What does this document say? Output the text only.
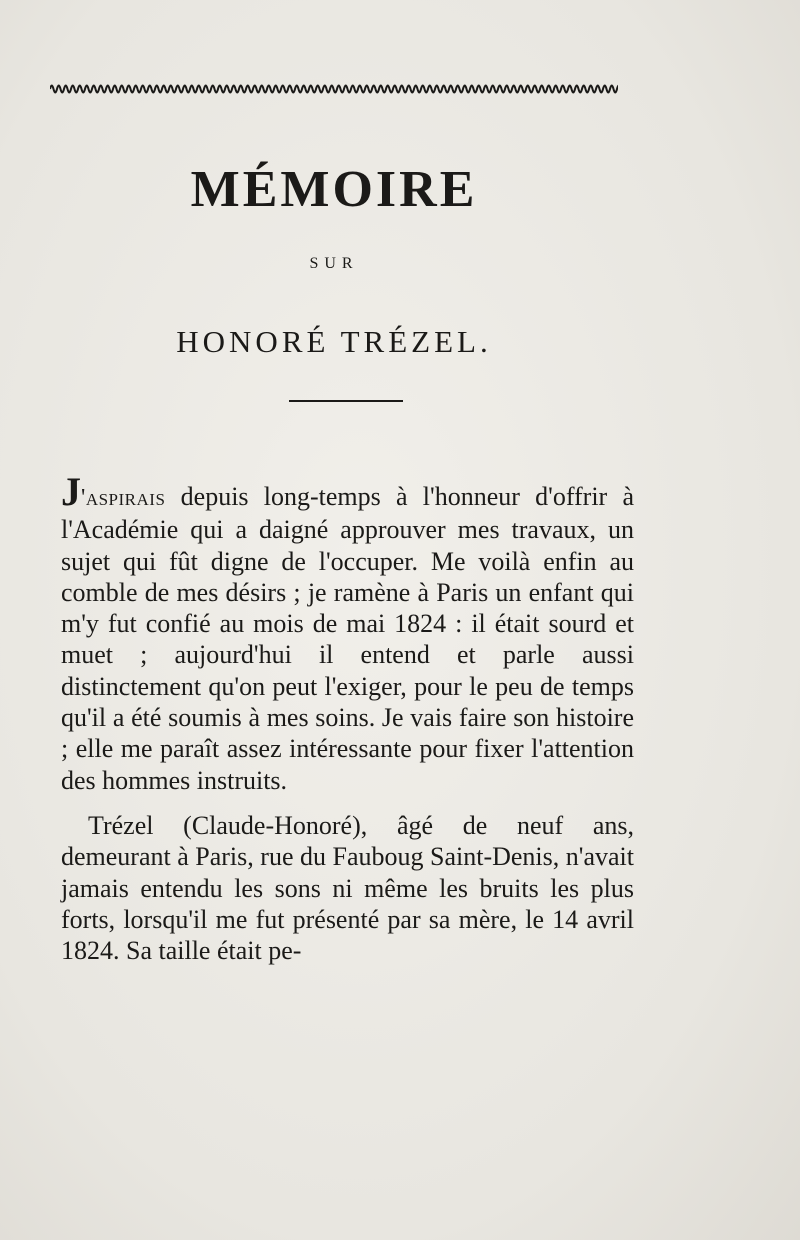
MÉMOIRE
SUR
HONORÉ TRÉZEL.

J'aspirais depuis long-temps à l'honneur d'offrir à l'Académie qui a daigné approuver mes travaux, un sujet qui fût digne de l'occuper. Me voilà enfin au comble de mes désirs ; je ramène à Paris un enfant qui m'y fut confié au mois de mai 1824 : il était sourd et muet ; aujourd'hui il entend et parle aussi distinctement qu'on peut l'exiger, pour le peu de temps qu'il a été soumis à mes soins. Je vais faire son histoire ; elle me paraît assez intéressante pour fixer l'attention des hommes instruits.

Trézel (Claude-Honoré), âgé de neuf ans, demeurant à Paris, rue du Fauboug Saint-Denis, n'avait jamais entendu les sons ni même les bruits les plus forts, lorsqu'il me fut présenté par sa mère, le 14 avril 1824. Sa taille était pe-
